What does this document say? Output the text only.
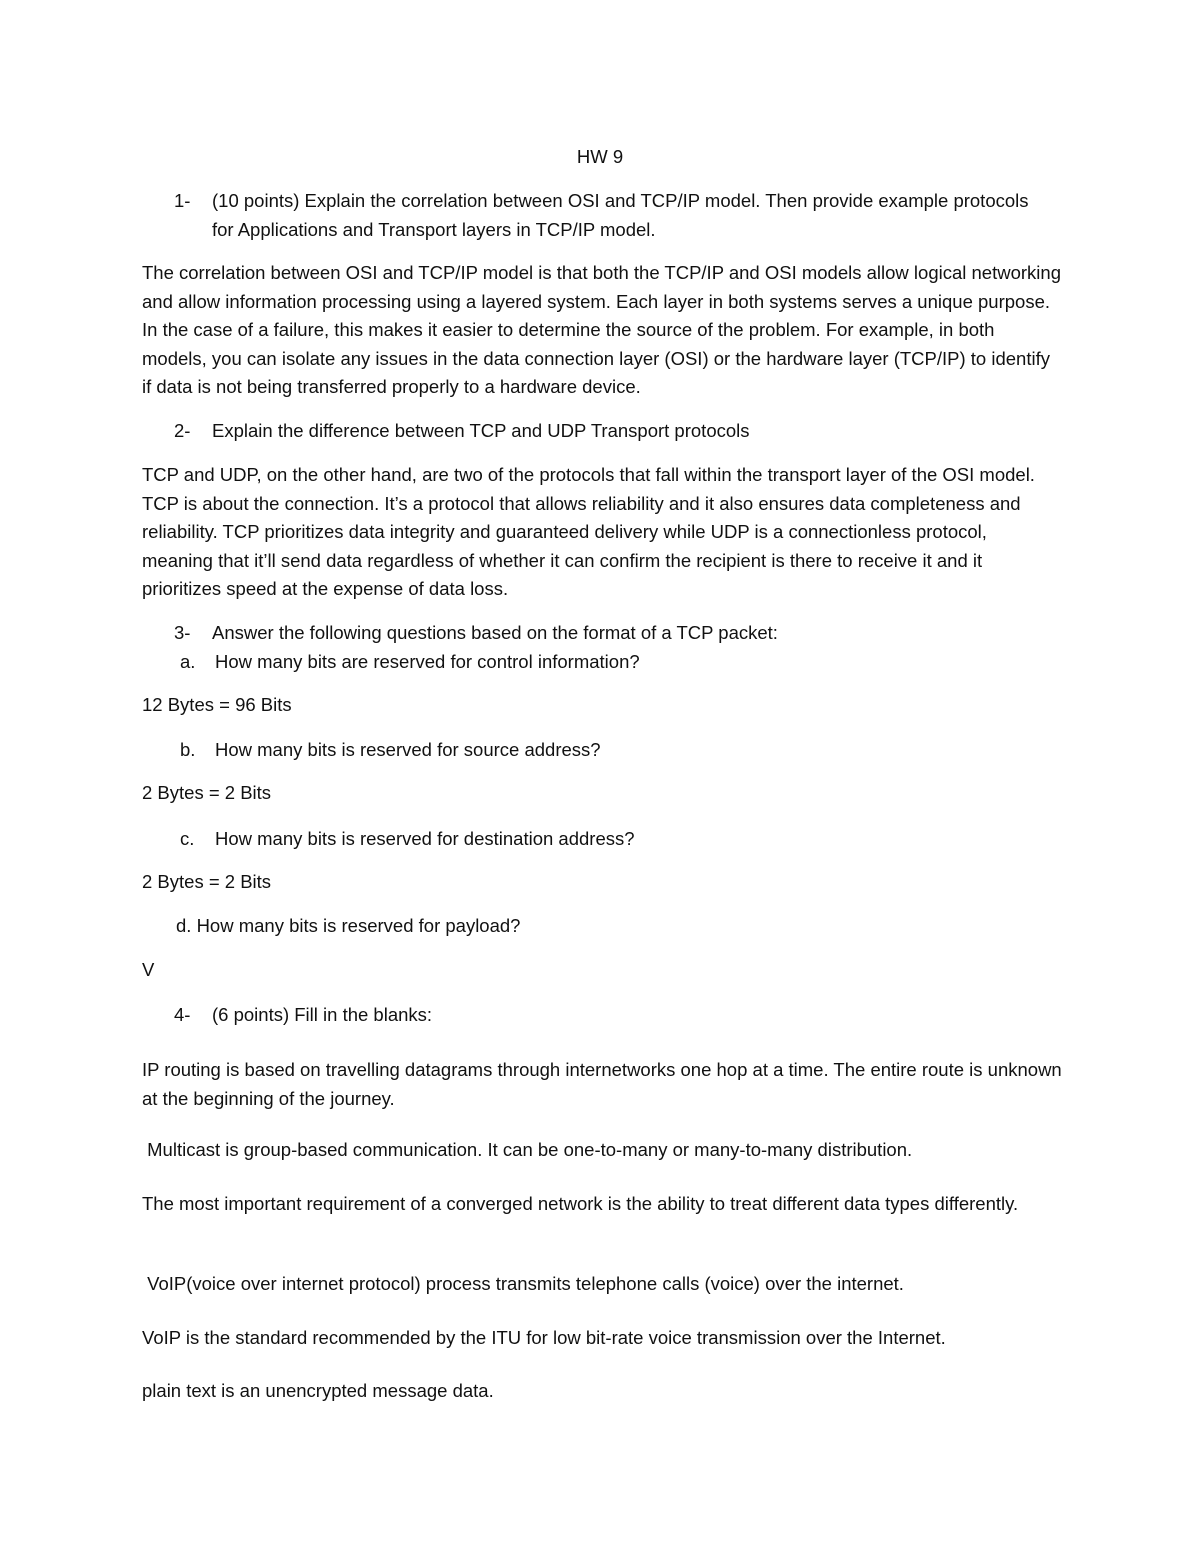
HW 9
1-	(10 points) Explain the correlation between OSI and TCP/IP model. Then provide example protocols for Applications and Transport layers in TCP/IP model.
The correlation between OSI and TCP/IP model is that both the TCP/IP and OSI models allow logical networking and allow information processing using a layered system. Each layer in both systems serves a unique purpose. In the case of a failure, this makes it easier to determine the source of the problem. For example, in both models, you can isolate any issues in the data connection layer (OSI) or the hardware layer (TCP/IP) to identify if data is not being transferred properly to a hardware device.
2-	Explain the difference between TCP and UDP Transport protocols
TCP and UDP, on the other hand, are two of the protocols that fall within the transport layer of the OSI model. TCP is about the connection. It’s a protocol that allows reliability and it also ensures data completeness and reliability. TCP prioritizes data integrity and guaranteed delivery while UDP is a connectionless protocol, meaning that it’ll send data regardless of whether it can confirm the recipient is there to receive it and it prioritizes speed at the expense of data loss.
3-	Answer the following questions based on the format of a TCP packet:
a. How many bits are reserved for control information?
12 Bytes = 96 Bits
b. How many bits is reserved for source address?
2 Bytes = 2 Bits
c. How many bits is reserved for destination address?
2 Bytes = 2 Bits
d. How many bits is reserved for payload?
V
4-	(6 points) Fill in the blanks:
IP routing is based on travelling datagrams through internetworks one hop at a time. The entire route is unknown at the beginning of the journey.
Multicast is group-based communication. It can be one-to-many or many-to-many distribution.
The most important requirement of a converged network is the ability to treat different data types differently.
VoIP(voice over internet protocol) process transmits telephone calls (voice) over the internet.
VoIP is the standard recommended by the ITU for low bit-rate voice transmission over the Internet.
plain text is an unencrypted message data.
